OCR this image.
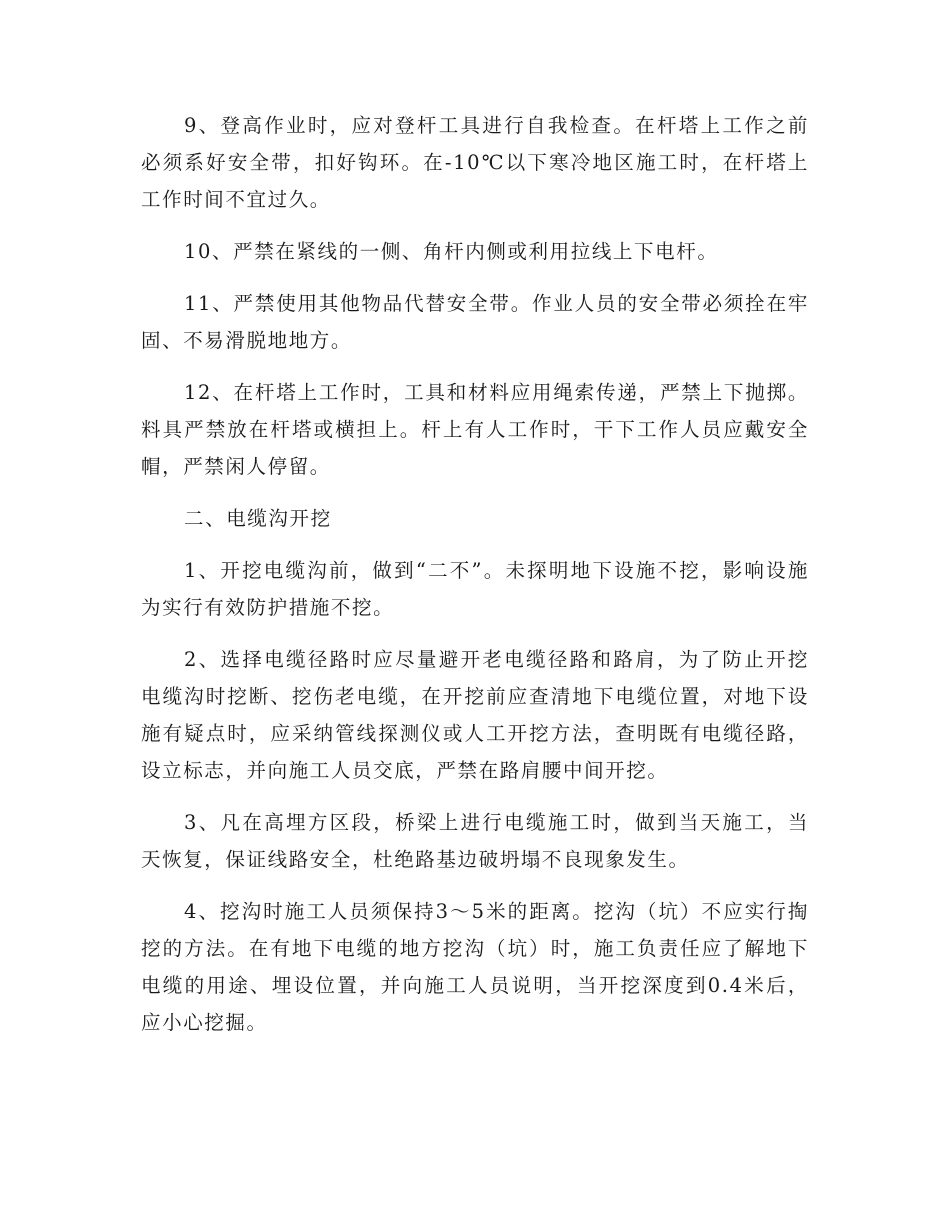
9、登高作业时，应对登杆工具进行自我检查。在杆塔上工作之前必须系好安全带，扣好钩环。在-10℃以下寒冷地区施工时，在杆塔上工作时间不宜过久。

10、严禁在紧线的一侧、角杆内侧或利用拉线上下电杆。

11、严禁使用其他物品代替安全带。作业人员的安全带必须拴在牢固、不易滑脱地地方。

12、在杆塔上工作时，工具和材料应用绳索传递，严禁上下抛掷。料具严禁放在杆塔或横担上。杆上有人工作时，干下工作人员应戴安全帽，严禁闲人停留。

二、电缆沟开挖

1、开挖电缆沟前，做到“二不”。未探明地下设施不挖，影响设施为实行有效防护措施不挖。

2、选择电缆径路时应尽量避开老电缆径路和路肩，为了防止开挖电缆沟时挖断、挖伤老电缆，在开挖前应查清地下电缆位置，对地下设施有疑点时，应采纳管线探测仪或人工开挖方法，查明既有电缆径路，设立标志，并向施工人员交底，严禁在路肩腰中间开挖。

3、凡在高埋方区段，桥梁上进行电缆施工时，做到当天施工，当天恢复，保证线路安全，杜绝路基边破坍塌不良现象发生。

4、挖沟时施工人员须保持3～5米的距离。挖沟（坑）不应实行掏挖的方法。在有地下电缆的地方挖沟（坑）时，施工负责任应了解地下电缆的用途、埋设位置，并向施工人员说明，当开挖深度到0.4米后，应小心挖掘。
